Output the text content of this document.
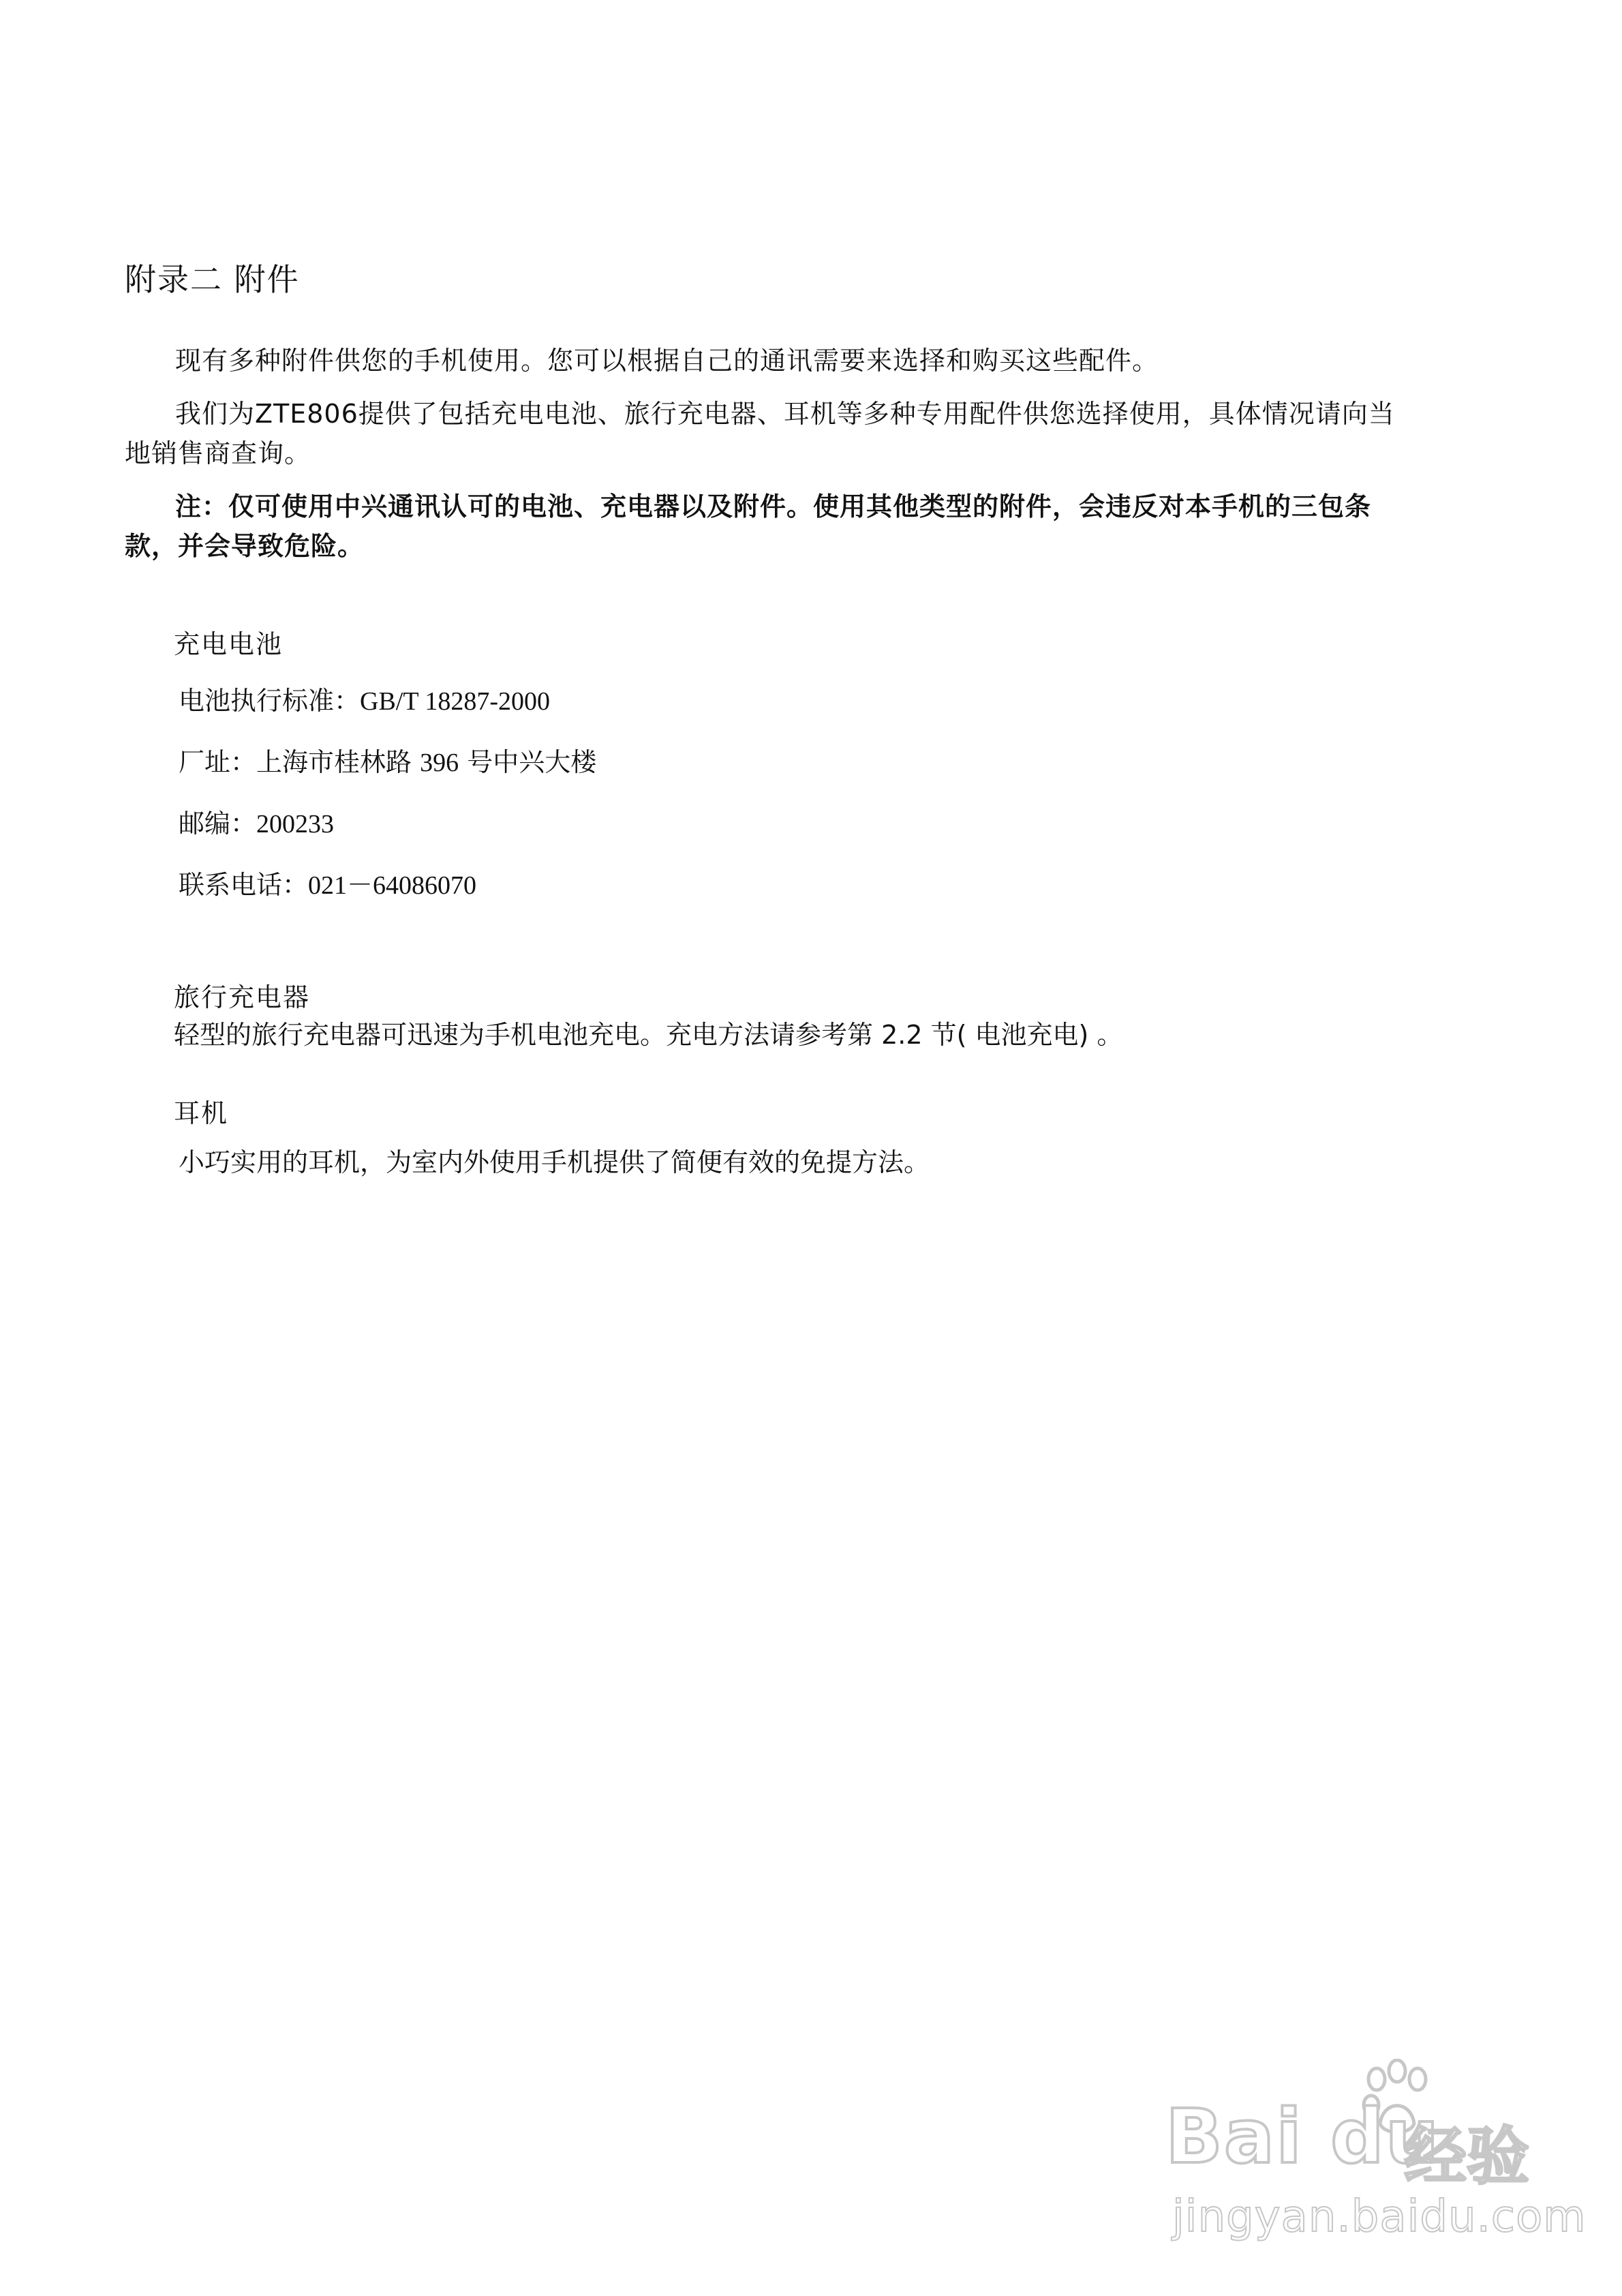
附录二 附件
现有多种附件供您的手机使用。您可以根据自己的通讯需要来选择和购买这些配件。
我们为ZTE806提供了包括充电电池、旅行充电器、耳机等多种专用配件供您选择使用，具体情况请向当地销售商查询。
注：仅可使用中兴通讯认可的电池、充电器以及附件。使用其他类型的附件，会违反对本手机的三包条款，并会导致危险。
充电电池
电池执行标准：GB/T 18287-2000
厂址：上海市桂林路 396 号中兴大楼
邮编：200233
联系电话：021－64086070
旅行充电器
轻型的旅行充电器可迅速为手机电池充电。充电方法请参考第 2.2 节( 电池充电) 。
耳机
小巧实用的耳机，为室内外使用手机提供了简便有效的免提方法。
Bai du
经验
jingyan.baidu.com
